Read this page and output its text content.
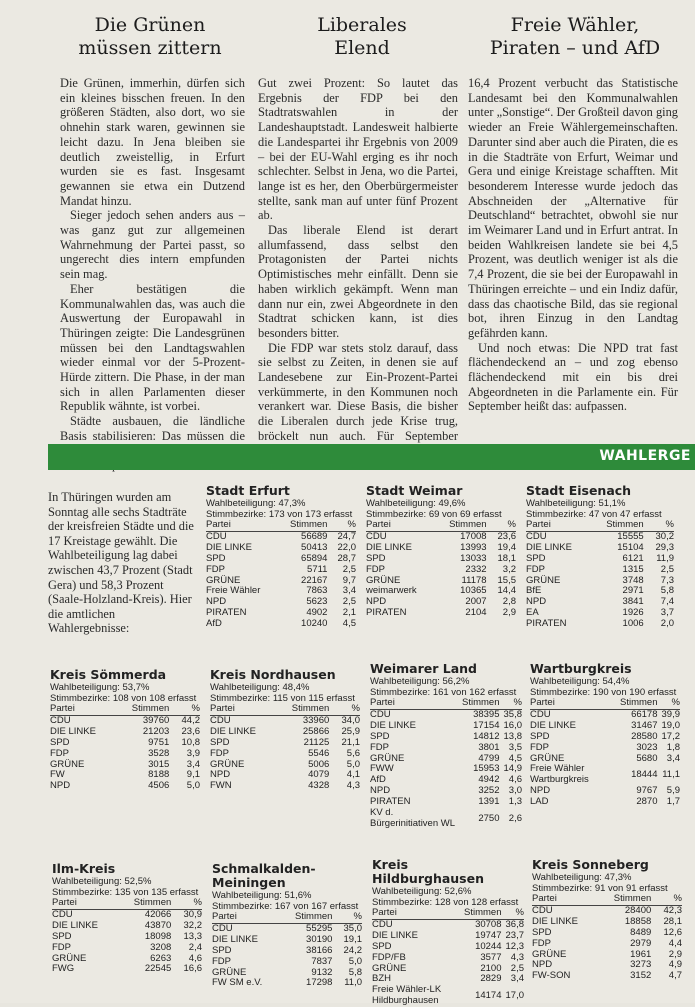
Die Grünen
müssen zittern
Liberales
Elend
Freie Wähler,
Piraten – und AfD

Die Grünen, immerhin, dürfen sich ein kleines bisschen freuen. In den größeren Städten, also dort, wo sie ohnehin stark waren, gewinnen sie leicht dazu. In Jena bleiben sie deutlich zweistellig, in Erfurt wurden sie es fast. Insgesamt gewannen sie etwa ein Dutzend Mandat hinzu.

Sieger jedoch sehen anders aus – was ganz gut zur allgemeinen Wahrnehmung der Partei passt, so ungerecht dies intern empfunden sein mag.

Eher bestätigen die Kommunalwahlen das, was auch die Auswertung der Europawahl in Thüringen zeigte: Die Landesgrünen müssen bei den Landtagswahlen wieder einmal vor der 5-Prozent-Hürde zittern. Die Phase, in der man sich in allen Parlamenten dieser Republik wähnte, ist vorbei.

Städte ausbauen, die ländliche Basis stabilisieren: Das müssen die

Gut zwei Prozent: So lautet das Ergebnis der FDP bei den Stadtratswahlen in der Landeshauptstadt. Landesweit halbierte die Landespartei ihr Ergebnis von 2009 – bei der EU-Wahl erging es ihr noch schlechter. Selbst in Jena, wo die Partei, lange ist es her, den Oberbürgermeister stellte, sank man auf unter fünf Prozent ab.

Das liberale Elend ist derart allumfassend, dass selbst den Protagonisten der Partei nichts Optimistisches mehr einfällt. Denn sie haben wirklich gekämpft. Wenn man dann nur ein, zwei Abgeordnete in den Stadtrat schicken kann, ist dies besonders bitter.

Die FDP war stets stolz darauf, dass sie selbst zu Zeiten, in denen sie auf Landesebene zur Ein-Prozent-Partei verkümmerte, in den Kommunen noch verankert war. Diese Basis, die bisher die Liberalen durch jede Krise trug, bröckelt nun auch. Für September

16,4 Prozent verbucht das Statistische Landesamt bei den Kommunalwahlen unter „Sonstige“. Der Großteil davon ging wieder an Freie Wählergemeinschaften. Darunter sind aber auch die Piraten, die es in die Stadträte von Erfurt, Weimar und Gera und einige Kreistage schafften. Mit besonderem Interesse wurde jedoch das Abschneiden der „Alternative für Deutschland“ betrachtet, obwohl sie nur im Weimarer Land und in Erfurt antrat. In beiden Wahlkreisen landete sie bei 4,5 Prozent, was deutlich weniger ist als die 7,4 Prozent, die sie bei der Europawahl in Thüringen erreichte – und ein Indiz dafür, dass das chaotische Bild, das sie regional bot, ihren Einzug in den Landtag gefährden kann.

Und noch etwas: Die NPD trat fast flächendeckend an – und zog ebenso flächendeckend mit ein bis drei Abgeordneten in die Parlamente ein. Für September heißt das: aufpassen.

WAHLERGE
In Thüringen wurden am Sonntag alle sechs Stadträte der kreisfreien Städte und die 17 Kreistage gewählt. Die Wahlbeteiligung lag dabei zwischen 43,7 Prozent (Stadt Gera) und 58,3 Prozent (Saale-Holzland-Kreis). Hier die amtlichen Wahlergebnisse:
Stadt Erfurt
Wahlbeteiligung: 47,3%
Stimmbezirke: 173 von 173 erfasst
Partei	Stimmen	%
CDU	56689	24,7
DIE LINKE	50413	22,0
SPD	65894	28,7
FDP	5711	2,5
GRÜNE	22167	9,7
Freie Wähler	7863	3,4
NPD	5623	2,5
PIRATEN	4902	2,1
AfD	10240	4,5
Stadt Weimar
Wahlbeteiligung: 49,6%
Stimmbezirke: 69 von 69 erfasst
Partei	Stimmen	%
CDU	17008	23,6
DIE LINKE	13993	19,4
SPD	13033	18,1
FDP	2332	3,2
GRÜNE	11178	15,5
weimarwerk	10365	14,4
NPD	2007	2,8
PIRATEN	2104	2,9
Stadt Eisenach
Wahlbeteiligung: 51,1%
Stimmbezirke: 47 von 47 erfasst
Partei	Stimmen	%
CDU	15555	30,2
DIE LINKE	15104	29,3
SPD	6121	11,9
FDP	1315	2,5
GRÜNE	3748	7,3
BfE	2971	5,8
NPD	3841	7,4
EA	1926	3,7
PIRATEN	1006	2,0
Kreis Sömmerda
Wahlbeteiligung: 53,7%
Stimmbezirke: 108 von 108 erfasst
Partei	Stimmen	%
CDU	39760	44,2
DIE LINKE	21203	23,6
SPD	9751	10,8
FDP	3528	3,9
GRÜNE	3015	3,4
FW	8188	9,1
NPD	4506	5,0
Kreis Nordhausen
Wahlbeteiligung: 48,4%
Stimmbezirke: 115 von 115 erfasst
Partei	Stimmen	%
CDU	33960	34,0
DIE LINKE	25866	25,9
SPD	21125	21,1
FDP	5546	5,6
GRÜNE	5006	5,0
NPD	4079	4,1
FWN	4328	4,3
Weimarer Land
Wahlbeteiligung: 56,2%
Stimmbezirke: 161 von 162 erfasst
Partei	Stimmen	%
CDU	38395	35,8
DIE LINKE	17154	16,0
SPD	14812	13,8
FDP	3801	3,5
GRÜNE	4799	4,5
FWW	15953	14,9
AfD	4942	4,6
NPD	3252	3,0
PIRATEN	1391	1,3
KV d. Bürgerinitiativen WL	2750	2,6
Wartburgkreis
Wahlbeteiligung: 54,4%
Stimmbezirke: 190 von 190 erfasst
Partei	Stimmen	%
CDU	66178	39,9
DIE LINKE	31467	19,0
SPD	28580	17,2
FDP	3023	1,8
GRÜNE	5680	3,4
Freie Wähler Wartburgkreis	18444	11,1
NPD	9767	5,9
LAD	2870	1,7
Ilm-Kreis
Wahlbeteiligung: 52,5%
Stimmbezirke: 135 von 135 erfasst
Partei	Stimmen	%
CDU	42066	30,9
DIE LINKE	43870	32,2
SPD	18098	13,3
FDP	3208	2,4
GRÜNE	6263	4,6
FWG	22545	16,6
Schmalkalden-Meiningen
Wahlbeteiligung: 51,6%
Stimmbezirke: 167 von 167 erfasst
Partei	Stimmen	%
CDU	55295	35,0
DIE LINKE	30190	19,1
SPD	38166	24,2
FDP	7837	5,0
GRÜNE	9132	5,8
FW SM e.V.	17298	11,0
Kreis Hildburghausen
Wahlbeteiligung: 52,6%
Stimmbezirke: 128 von 128 erfasst
Partei	Stimmen	%
CDU	30708	36,8
DIE LINKE	19747	23,7
SPD	10244	12,3
FDP/FB	3577	4,3
GRÜNE	2100	2,5
BZH	2829	3,4
Freie Wähler-LK Hildburghausen	14174	17,0
Kreis Sonneberg
Wahlbeteiligung: 47,3%
Stimmbezirke: 91 von 91 erfasst
Partei	Stimmen	%
CDU	28400	42,3
DIE LINKE	18858	28,1
SPD	8489	12,6
FDP	2979	4,4
GRÜNE	1961	2,9
NPD	3273	4,9
FW-SON	3152	4,7
